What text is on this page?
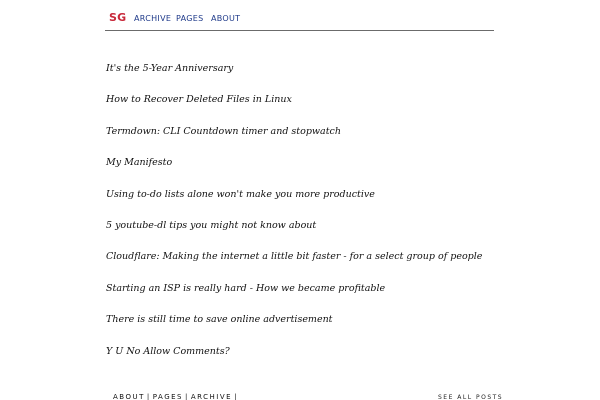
SG ARCHIVE PAGES ABOUT
It's the 5-Year Anniversary
How to Recover Deleted Files in Linux
Termdown: CLI Countdown timer and stopwatch
My Manifesto
Using to-do lists alone won't make you more productive
5 youtube-dl tips you might not know about
Cloudflare: Making the internet a little bit faster - for a select group of people
Starting an ISP is really hard - How we became profitable
There is still time to save online advertisement
Y U No Allow Comments?
ABOUT | PAGES | ARCHIVE |	SEE ALL POSTS
